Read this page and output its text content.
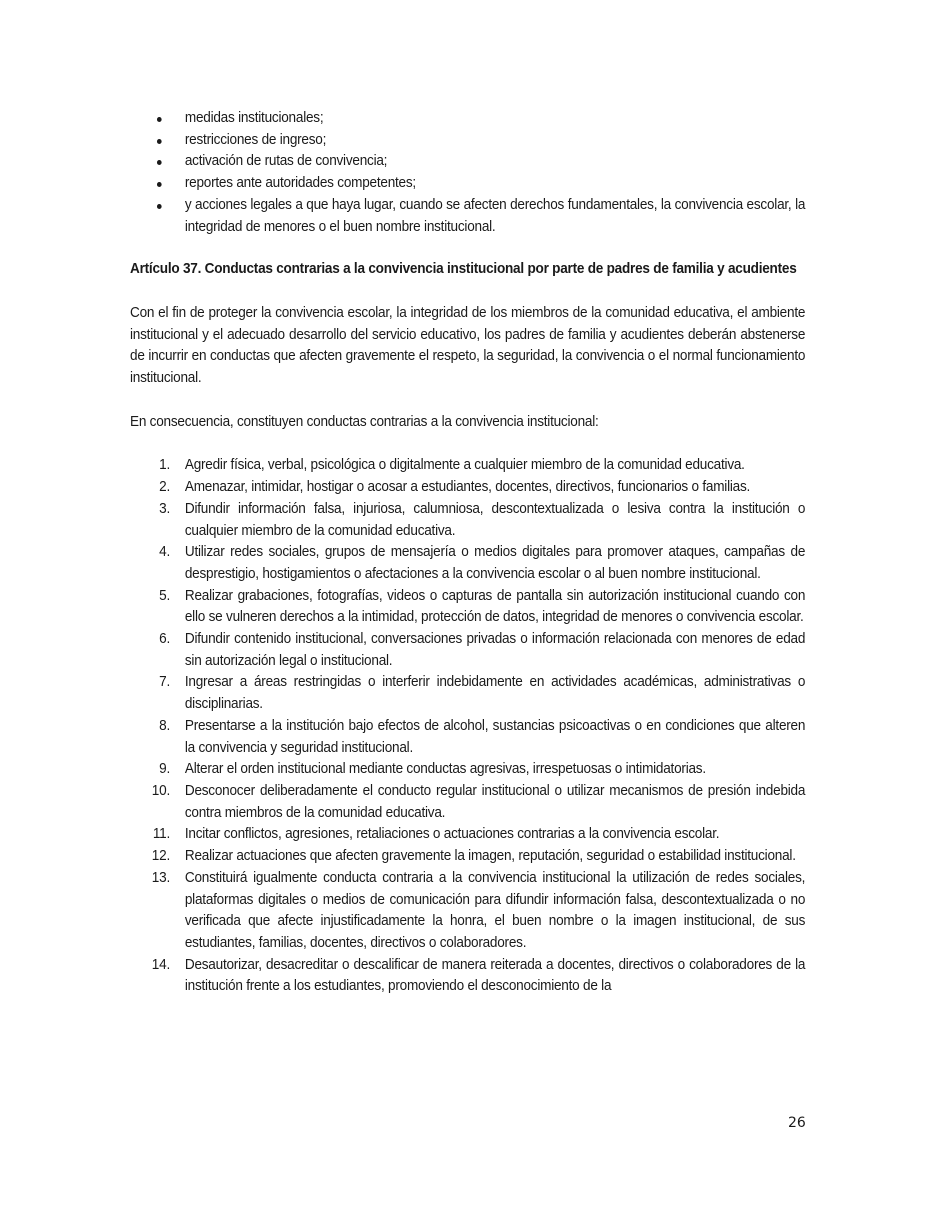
medidas institucionales;
restricciones de ingreso;
activación de rutas de convivencia;
reportes ante autoridades competentes;
y acciones legales a que haya lugar, cuando se afecten derechos fundamentales, la convivencia escolar, la integridad de menores o el buen nombre institucional.
Artículo 37. Conductas contrarias a la convivencia institucional por parte de padres de familia y acudientes
Con el fin de proteger la convivencia escolar, la integridad de los miembros de la comunidad educativa, el ambiente institucional y el adecuado desarrollo del servicio educativo, los padres de familia y acudientes deberán abstenerse de incurrir en conductas que afecten gravemente el respeto, la seguridad, la convivencia o el normal funcionamiento institucional.
En consecuencia, constituyen conductas contrarias a la convivencia institucional:
1. Agredir física, verbal, psicológica o digitalmente a cualquier miembro de la comunidad educativa.
2. Amenazar, intimidar, hostigar o acosar a estudiantes, docentes, directivos, funcionarios o familias.
3. Difundir información falsa, injuriosa, calumniosa, descontextualizada o lesiva contra la institución o cualquier miembro de la comunidad educativa.
4. Utilizar redes sociales, grupos de mensajería o medios digitales para promover ataques, campañas de desprestigio, hostigamientos o afectaciones a la convivencia escolar o al buen nombre institucional.
5. Realizar grabaciones, fotografías, videos o capturas de pantalla sin autorización institucional cuando con ello se vulneren derechos a la intimidad, protección de datos, integridad de menores o convivencia escolar.
6. Difundir contenido institucional, conversaciones privadas o información relacionada con menores de edad sin autorización legal o institucional.
7. Ingresar a áreas restringidas o interferir indebidamente en actividades académicas, administrativas o disciplinarias.
8. Presentarse a la institución bajo efectos de alcohol, sustancias psicoactivas o en condiciones que alteren la convivencia y seguridad institucional.
9. Alterar el orden institucional mediante conductas agresivas, irrespetuosas o intimidatorias.
10. Desconocer deliberadamente el conducto regular institucional o utilizar mecanismos de presión indebida contra miembros de la comunidad educativa.
11. Incitar conflictos, agresiones, retaliaciones o actuaciones contrarias a la convivencia escolar.
12. Realizar actuaciones que afecten gravemente la imagen, reputación, seguridad o estabilidad institucional.
13. Constituirá igualmente conducta contraria a la convivencia institucional la utilización de redes sociales, plataformas digitales o medios de comunicación para difundir información falsa, descontextualizada o no verificada que afecte injustificadamente la honra, el buen nombre o la imagen institucional, de sus estudiantes, familias, docentes, directivos o colaboradores.
14. Desautorizar, desacreditar o descalificar de manera reiterada a docentes, directivos o colaboradores de la institución frente a los estudiantes, promoviendo el desconocimiento de la
26
